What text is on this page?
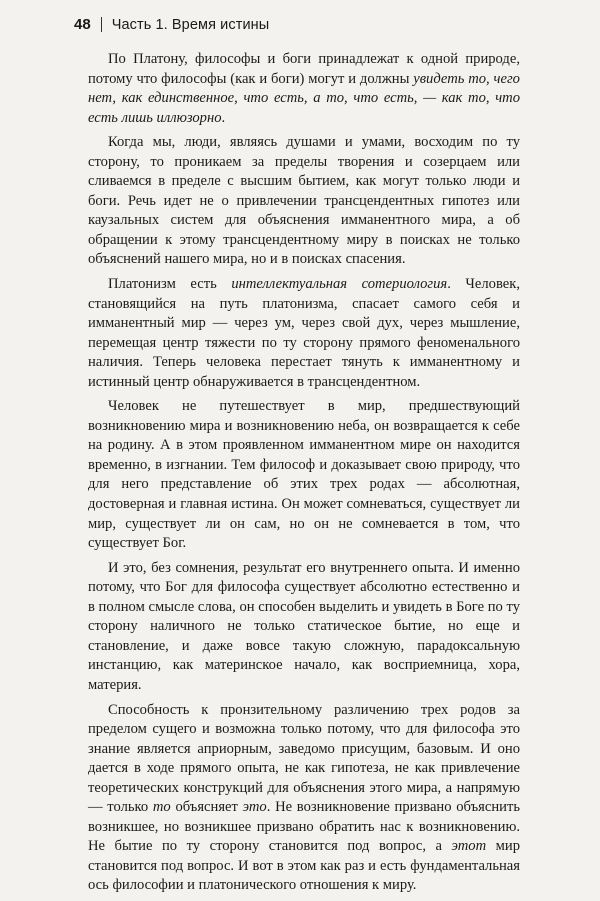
48 Часть 1. Время истины

По Платону, философы и боги принадлежат к одной природе, потому что философы (как и боги) могут и должны увидеть то, чего нет, как единственное, что есть, а то, что есть, — как то, что есть лишь иллюзорно.

Когда мы, люди, являясь душами и умами, восходим по ту сторону, то проникаем за пределы творения и созерцаем или сливаемся в пределе с высшим бытием, как могут только люди и боги. Речь идет не о привлечении трансцендентных гипотез или каузальных систем для объяснения имманентного мира, а об обращении к этому трансцендентному миру в поисках не только объяснений нашего мира, но и в поисках спасения.

Платонизм есть интеллектуальная сотериология. Человек, становящийся на путь платонизма, спасает самого себя и имманентный мир — через ум, через свой дух, через мышление, перемещая центр тяжести по ту сторону прямого феноменального наличия. Теперь человека перестает тянуть к имманентному и истинный центр обнаруживается в трансцендентном.

Человек не путешествует в мир, предшествующий возникновению мира и возникновению неба, он возвращается к себе на родину. А в этом проявленном имманентном мире он находится временно, в изгнании. Тем философ и доказывает свою природу, что для него представление об этих трех родах — абсолютная, достоверная и главная истина. Он может сомневаться, существует ли мир, существует ли он сам, но он не сомневается в том, что существует Бог.

И это, без сомнения, результат его внутреннего опыта. И именно потому, что Бог для философа существует абсолютно естественно и в полном смысле слова, он способен выделить и увидеть в Боге по ту сторону наличного не только статическое бытие, но еще и становление, и даже вовсе такую сложную, парадоксальную инстанцию, как материнское начало, как восприемница, хора, материя.

Способность к пронзительному различению трех родов за пределом сущего и возможна только потому, что для философа это знание является априорным, заведомо присущим, базовым. И оно дается в ходе прямого опыта, не как гипотеза, не как привлечение теоретических конструкций для объяснения этого мира, а напрямую — только то объясняет это. Не возникновение призвано объяснить возникшее, но возникшее призвано обратить нас к возникновению. Не бытие по ту сторону становится под вопрос, а этот мир становится под вопрос. И вот в этом как раз и есть фундаментальная ось философии и платонического отношения к миру.
